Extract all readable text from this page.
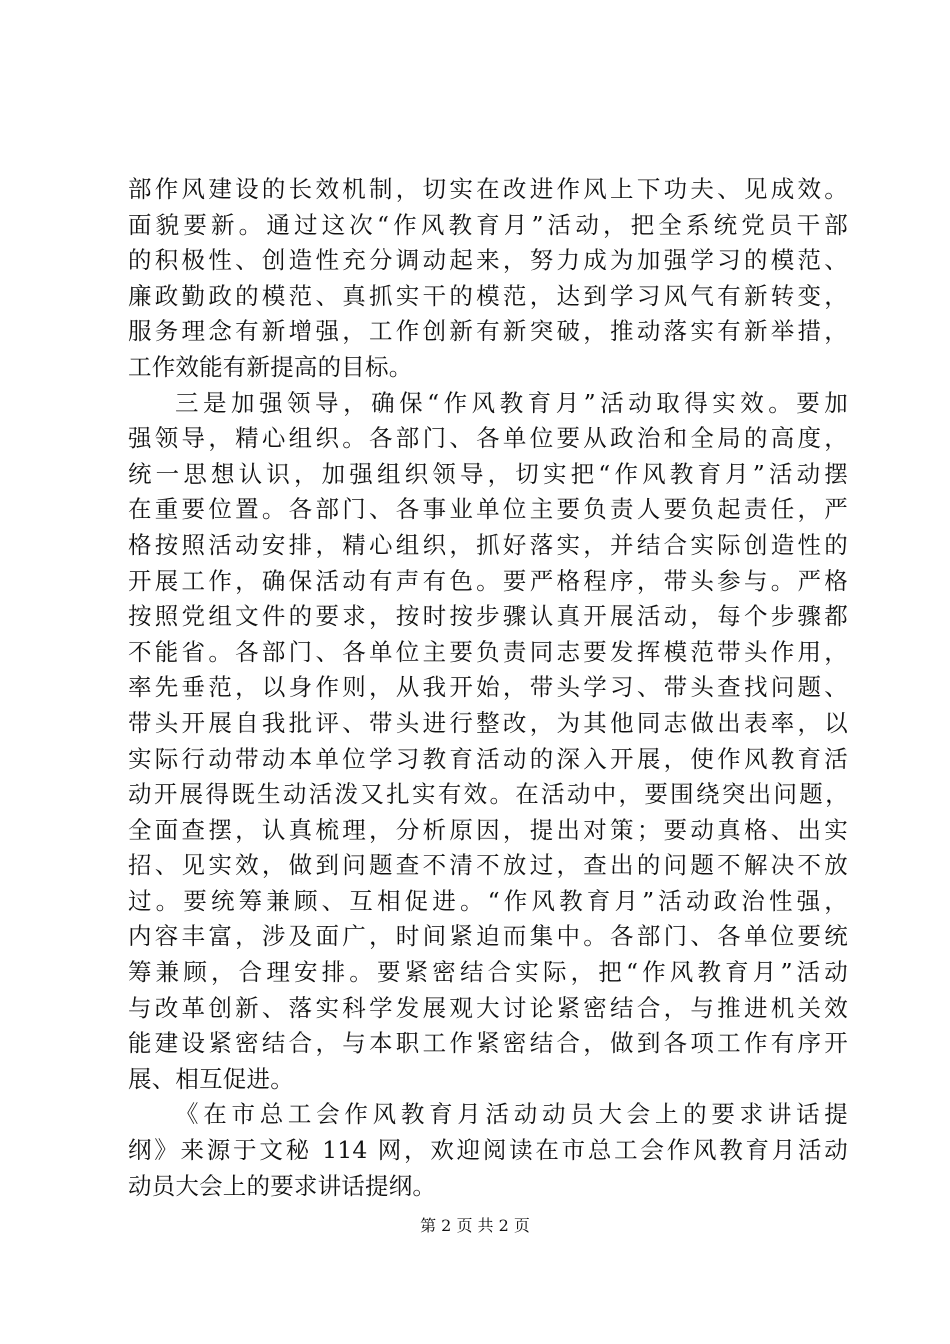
部作风建设的长效机制，切实在改进作风上下功夫、见成效。
面貌要新。通过这次“作风教育月”活动，把全系统党员干部
的积极性、创造性充分调动起来，努力成为加强学习的模范、
廉政勤政的模范、真抓实干的模范，达到学习风气有新转变，
服务理念有新增强，工作创新有新突破，推动落实有新举措，
工作效能有新提高的目标。
三是加强领导，确保“作风教育月”活动取得实效。要加
强领导，精心组织。各部门、各单位要从政治和全局的高度，
统一思想认识，加强组织领导，切实把“作风教育月”活动摆
在重要位置。各部门、各事业单位主要负责人要负起责任，严
格按照活动安排，精心组织，抓好落实，并结合实际创造性的
开展工作，确保活动有声有色。要严格程序，带头参与。严格
按照党组文件的要求，按时按步骤认真开展活动，每个步骤都
不能省。各部门、各单位主要负责同志要发挥模范带头作用，
率先垂范，以身作则，从我开始，带头学习、带头查找问题、
带头开展自我批评、带头进行整改，为其他同志做出表率，以
实际行动带动本单位学习教育活动的深入开展，使作风教育活
动开展得既生动活泼又扎实有效。在活动中，要围绕突出问题，
全面查摆，认真梳理，分析原因，提出对策；要动真格、出实
招、见实效，做到问题查不清不放过，查出的问题不解决不放
过。要统筹兼顾、互相促进。“作风教育月”活动政治性强，
内容丰富，涉及面广，时间紧迫而集中。各部门、各单位要统
筹兼顾，合理安排。要紧密结合实际，把“作风教育月”活动
与改革创新、落实科学发展观大讨论紧密结合，与推进机关效
能建设紧密结合，与本职工作紧密结合，做到各项工作有序开
展、相互促进。
《在市总工会作风教育月活动动员大会上的要求讲话提
纲》来源于文秘 114 网，欢迎阅读在市总工会作风教育月活动
动员大会上的要求讲话提纲。
第 2 页 共 2 页
